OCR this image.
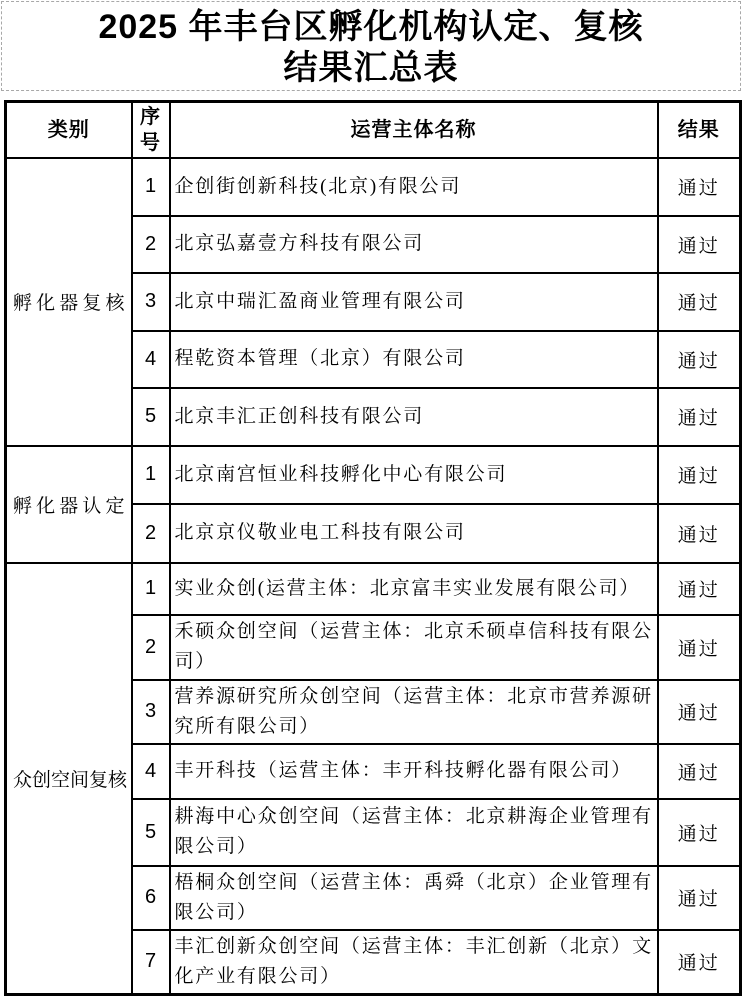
2025 年丰台区孵化机构认定、复核
结果汇总表
类别	序号	运营主体名称	结果
孵化器复核	1	企创街创新科技(北京)有限公司	通过
	2	北京弘嘉壹方科技有限公司	通过
	3	北京中瑞汇盈商业管理有限公司	通过
	4	程乾资本管理（北京）有限公司	通过
	5	北京丰汇正创科技有限公司	通过
孵化器认定	1	北京南宫恒业科技孵化中心有限公司	通过
	2	北京京仪敬业电工科技有限公司	通过
众创空间复核	1	实业众创(运营主体：北京富丰实业发展有限公司）	通过
	2	禾硕众创空间（运营主体：北京禾硕卓信科技有限公司）	通过
	3	营养源研究所众创空间（运营主体：北京市营养源研究所有限公司）	通过
	4	丰开科技（运营主体：丰开科技孵化器有限公司）	通过
	5	耕海中心众创空间（运营主体：北京耕海企业管理有限公司）	通过
	6	梧桐众创空间（运营主体：禹舜（北京）企业管理有限公司）	通过
	7	丰汇创新众创空间（运营主体：丰汇创新（北京）文化产业有限公司）	通过
